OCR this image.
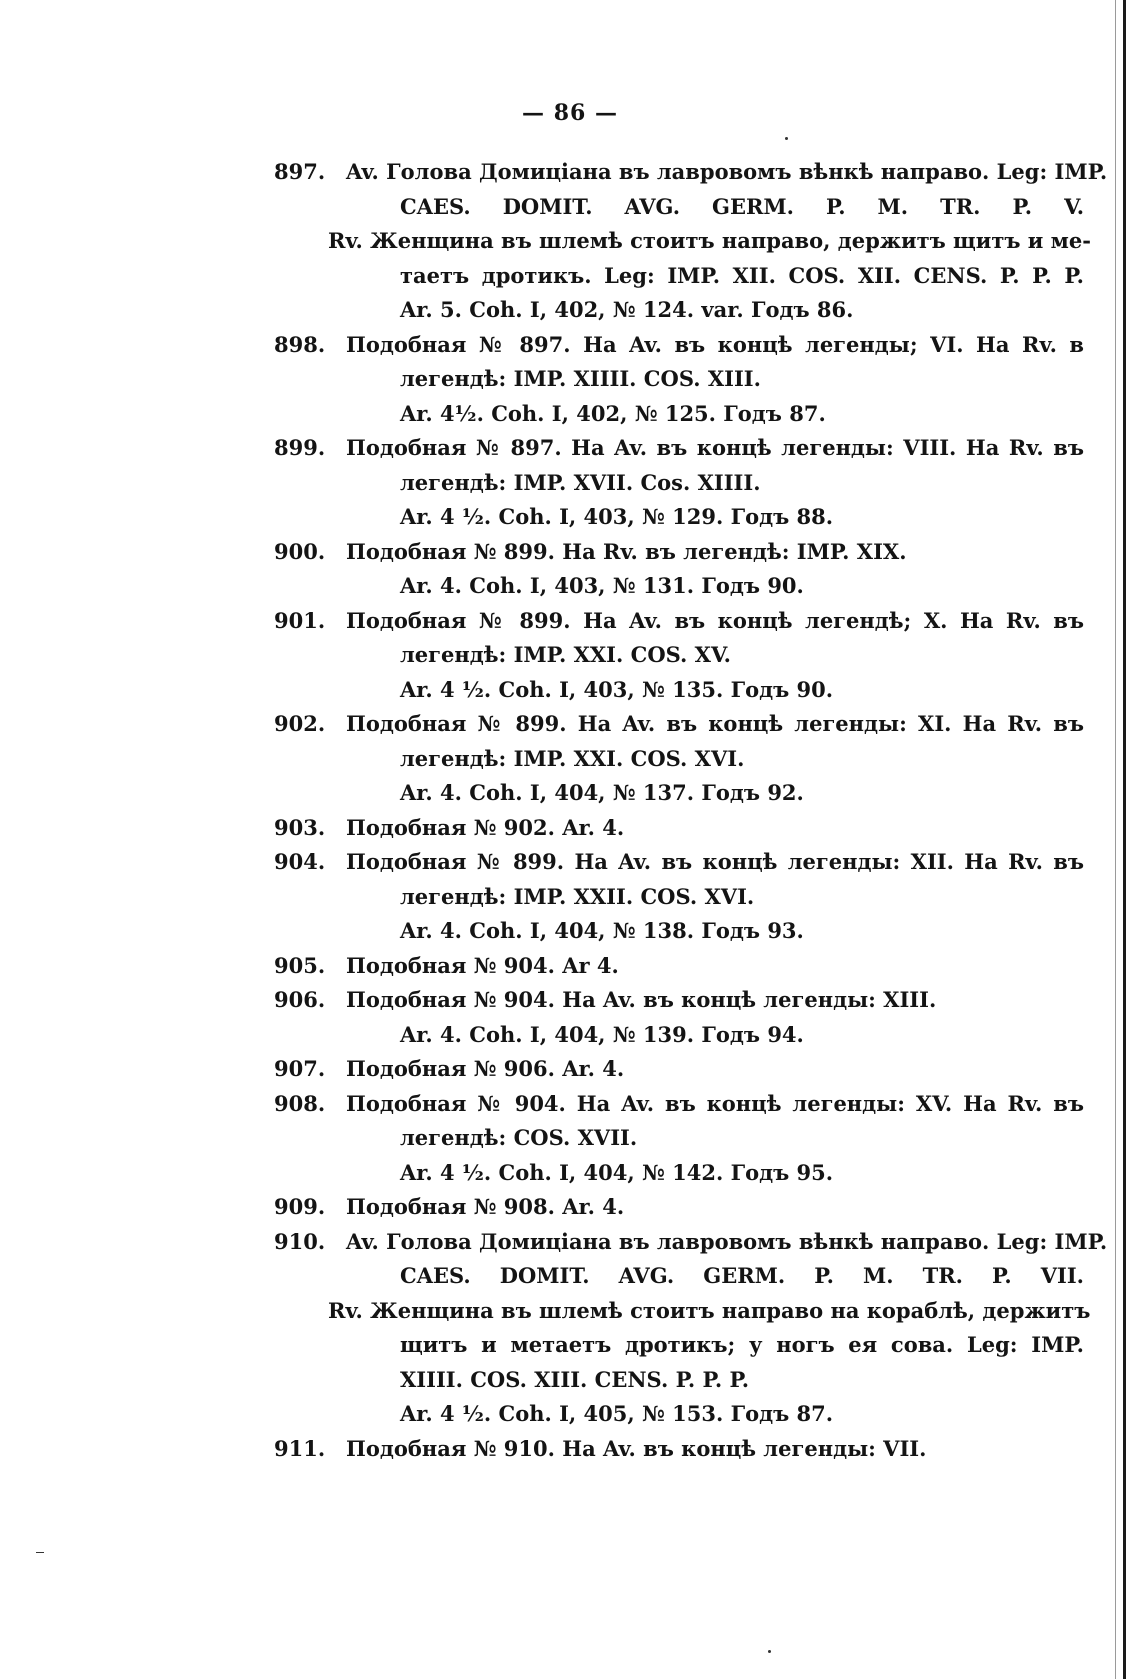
— 86 —
897. Av. Голова Домиціана въ лавровомъ вѣнкѣ направо. Leg: IMP.
CAES. DOMIT. AVG. GERM. P. M. TR. P. V.
Rv. Женщина въ шлемѣ стоитъ направо, держитъ щитъ и ме-
таетъ дротикъ. Leg: IMP. XII. COS. XII. CENS. P. P. P.
Ar. 5. Coh. I, 402, № 124. var. Годъ 86.
898. Подобная № 897. На Av. въ концѣ легенды; VI. На Rv. в
легендѣ: IMP. XIIII. COS. XIII.
Ar. 4½. Coh. I, 402, № 125. Годъ 87.
899. Подобная № 897. На Av. въ концѣ легенды: VIII. На Rv. въ
легендѣ: IMP. XVII. Cos. XIIII.
Ar. 4 ½. Coh. I, 403, № 129. Годъ 88.
900. Подобная № 899. На Rv. въ легендѣ: IMP. XIX.
Ar. 4. Coh. I, 403, № 131. Годъ 90.
901. Подобная № 899. На Av. въ концѣ легендѣ; X. На Rv. въ
легендѣ: IMP. XXI. COS. XV.
Ar. 4 ½. Coh. I, 403, № 135. Годъ 90.
902. Подобная № 899. На Av. въ концѣ легенды: XI. На Rv. въ
легендѣ: IMP. XXI. COS. XVI.
Ar. 4. Coh. I, 404, № 137. Годъ 92.
903. Подобная № 902. Ar. 4.
904. Подобная № 899. На Av. въ концѣ легенды: XII. На Rv. въ
легендѣ: IMP. XXII. COS. XVI.
Ar. 4. Coh. I, 404, № 138. Годъ 93.
905. Подобная № 904. Ar 4.
906. Подобная № 904. На Av. въ концѣ легенды: XIII.
Ar. 4. Coh. I, 404, № 139. Годъ 94.
907. Подобная № 906. Ar. 4.
908. Подобная № 904. На Av. въ концѣ легенды: XV. На Rv. въ
легендѣ: COS. XVII.
Ar. 4 ½. Coh. I, 404, № 142. Годъ 95.
909. Подобная № 908. Ar. 4.
910. Av. Голова Домиціана въ лавровомъ вѣнкѣ направо. Leg: IMP.
CAES. DOMIT. AVG. GERM. P. M. TR. P. VII.
Rv. Женщина въ шлемѣ стоитъ направо на кораблѣ, держитъ
щитъ и метаетъ дротикъ; у ногъ ея сова. Leg: IMP.
XIIII. COS. XIII. CENS. P. P. P.
Ar. 4 ½. Coh. I, 405, № 153. Годъ 87.
911. Подобная № 910. На Av. въ концѣ легенды: VII.
